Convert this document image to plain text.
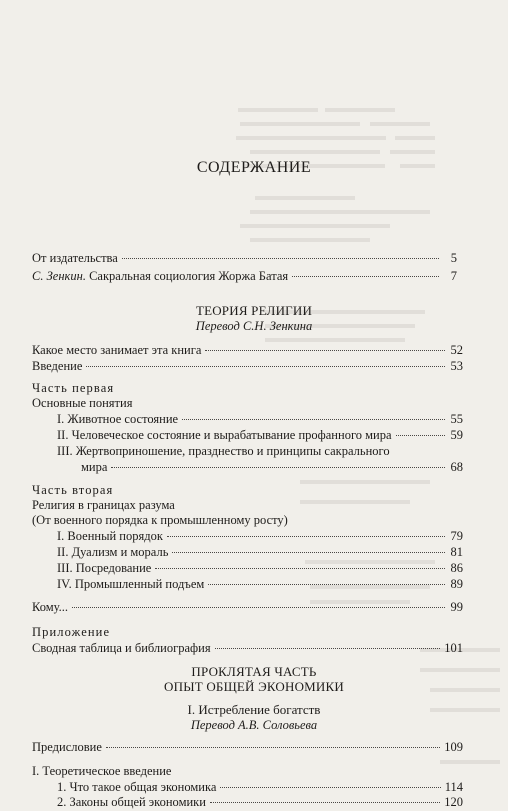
СОДЕРЖАНИЕ
От издательства	5
С. Зенкин. Сакральная социология Жоржа Батая	7
ТЕОРИЯ РЕЛИГИИ
Перевод С.Н. Зенкина
Какое место занимает эта книга	52
Введение	53
Часть первая
Основные понятия
I. Животное состояние	55
II. Человеческое состояние и вырабатывание профанного мира	59
III. Жертвоприношение, празднество и принципы сакрального
мира	68
Часть вторая
Религия в границах разума
(От военного порядка к промышленному росту)
I. Военный порядок	79
II. Дуализм и мораль	81
III. Посредование	86
IV. Промышленный подъем	89
Кому...	99
Приложение
Сводная таблица и библиография	101
ПРОКЛЯТАЯ ЧАСТЬ
ОПЫТ ОБЩЕЙ ЭКОНОМИКИ
I. Истребление богатств
Перевод А.В. Соловьева
Предисловие	109
I. Теоретическое введение
1. Что такое общая экономика	114
2. Законы общей экономики	120
